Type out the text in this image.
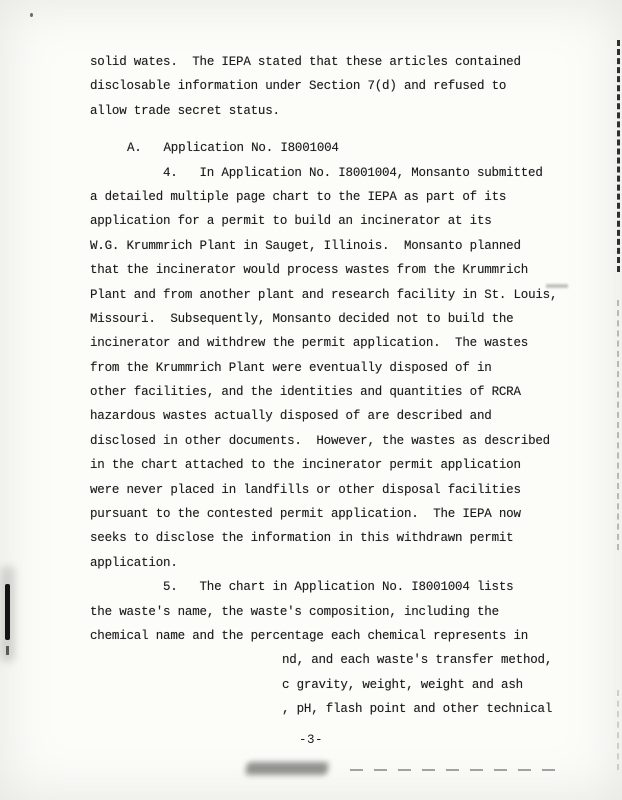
solid wates.  The IEPA stated that these articles contained
disclosable information under Section 7(d) and refused to
allow trade secret status.
A.   Application No. I8001004
4.   In Application No. I8001004, Monsanto submitted
a detailed multiple page chart to the IEPA as part of its
application for a permit to build an incinerator at its
W.G. Krummrich Plant in Sauget, Illinois.  Monsanto planned
that the incinerator would process wastes from the Krummrich
Plant and from another plant and research facility in St. Louis,
Missouri.  Subsequently, Monsanto decided not to build the
incinerator and withdrew the permit application.  The wastes
from the Krummrich Plant were eventually disposed of in
other facilities, and the identities and quantities of RCRA
hazardous wastes actually disposed of are described and
disclosed in other documents.  However, the wastes as described
in the chart attached to the incinerator permit application
were never placed in landfills or other disposal facilities
pursuant to the contested permit application.  The IEPA now
seeks to disclose the information in this withdrawn permit
application.
5.   The chart in Application No. I8001004 lists
the waste's name, the waste's composition, including the
chemical name and the percentage each chemical represents in
nd, and each waste's transfer method,
c gravity, weight, weight and ash
, pH, flash point and other technical
-3-
